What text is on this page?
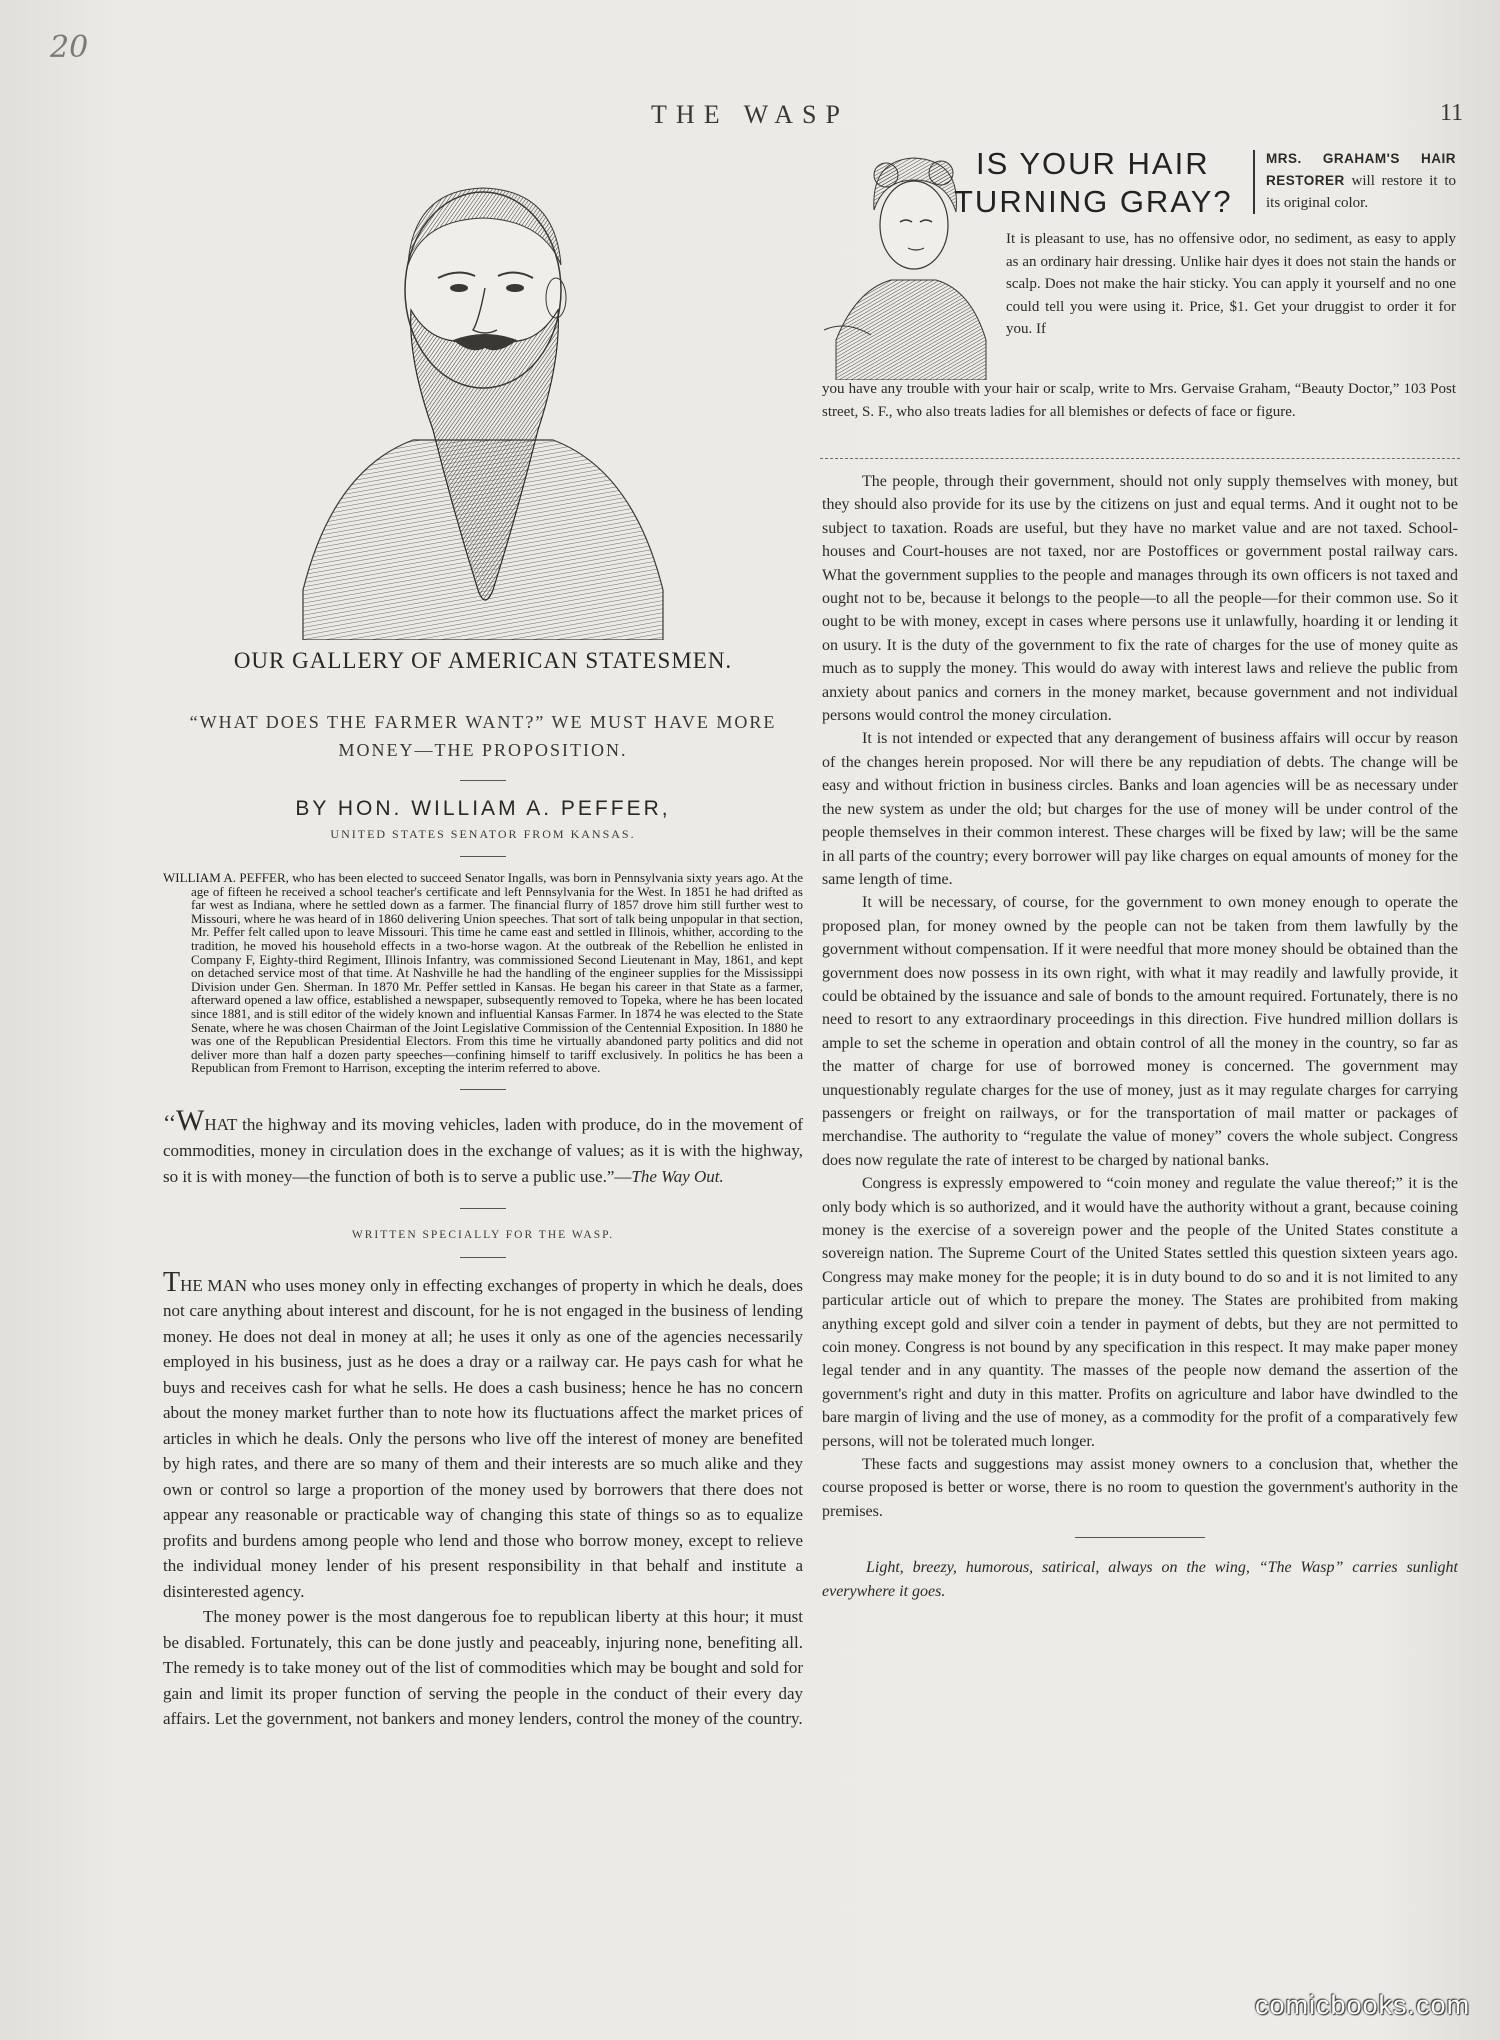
20
THE WASP	11
OUR GALLERY OF AMERICAN STATESMEN.
“WHAT DOES THE FARMER WANT?” WE MUST HAVE MORE MONEY—THE PROPOSITION.
BY HON. WILLIAM A. PEFFER,
UNITED STATES SENATOR FROM KANSAS.

WILLIAM A. PEFFER, who has been elected to succeed Senator Ingalls, was born in Pennsylvania sixty years ago. At the age of fifteen he received a school teacher's certificate and left Pennsylvania for the West. In 1851 he had drifted as far west as Indiana, where he settled down as a farmer. The financial flurry of 1857 drove him still further west to Missouri, where he was heard of in 1860 delivering Union speeches. That sort of talk being unpopular in that section, Mr. Peffer felt called upon to leave Missouri. This time he came east and settled in Illinois, whither, according to the tradition, he moved his household effects in a two-horse wagon. At the outbreak of the Rebellion he enlisted in Company F, Eighty-third Regiment, Illinois Infantry, was commissioned Second Lieutenant in May, 1861, and kept on detached service most of that time. At Nashville he had the handling of the engineer supplies for the Mississippi Division under Gen. Sherman. In 1870 Mr. Peffer settled in Kansas. He began his career in that State as a farmer, afterward opened a law office, established a newspaper, subsequently removed to Topeka, where he has been located since 1881, and is still editor of the widely known and influential Kansas Farmer. In 1874 he was elected to the State Senate, where he was chosen Chairman of the Joint Legislative Commission of the Centennial Exposition. In 1880 he was one of the Republican Presidential Electors. From this time he virtually abandoned party politics and did not deliver more than half a dozen party speeches—confining himself to tariff exclusively. In politics he has been a Republican from Fremont to Harrison, excepting the interim referred to above.

‘‘WHAT the highway and its moving vehicles, laden with produce, do in the movement of commodities, money in circulation does in the exchange of values; as it is with the highway, so it is with money—the function of both is to serve a public use.”—The Way Out.

WRITTEN SPECIALLY FOR THE WASP.

THE MAN who uses money only in effecting exchanges of property in which he deals, does not care anything about interest and discount, for he is not engaged in the business of lending money. He does not deal in money at all; he uses it only as one of the agencies necessarily employed in his business, just as he does a dray or a railway car. He pays cash for what he buys and receives cash for what he sells. He does a cash business; hence he has no concern about the money market further than to note how its fluctuations affect the market prices of articles in which he deals. Only the persons who live off the interest of money are benefited by high rates, and there are so many of them and their interests are so much alike and they own or control so large a proportion of the money used by borrowers that there does not appear any reasonable or practicable way of changing this state of things so as to equalize profits and burdens among people who lend and those who borrow money, except to relieve the individual money lender of his present responsibility in that behalf and institute a disinterested agency.

The money power is the most dangerous foe to republican liberty at this hour; it must be disabled. Fortunately, this can be done justly and peaceably, injuring none, benefiting all. The remedy is to take money out of the list of commodities which may be bought and sold for gain and limit its proper function of serving the people in the conduct of their every day affairs. Let the government, not bankers and money lenders, control the money of the country.

IS YOUR HAIR
TURNING GRAY?
MRS. GRAHAM'S HAIR RESTORER will restore it to its original color.
It is pleasant to use, has no offensive odor, no sediment, as easy to apply as an ordinary hair dressing. Unlike hair dyes it does not stain the hands or scalp. Does not make the hair sticky. You can apply it yourself and no one could tell you were using it. Price, $1. Get your druggist to order it for you. If
you have any trouble with your hair or scalp, write to Mrs. Gervaise Graham, “Beauty Doctor,” 103 Post street, S. F., who also treats ladies for all blemishes or defects of face or figure.

The people, through their government, should not only supply themselves with money, but they should also provide for its use by the citizens on just and equal terms. And it ought not to be subject to taxation. Roads are useful, but they have no market value and are not taxed. School-houses and Court-houses are not taxed, nor are Postoffices or government postal railway cars. What the government supplies to the people and manages through its own officers is not taxed and ought not to be, because it belongs to the people—to all the people—for their common use. So it ought to be with money, except in cases where persons use it unlawfully, hoarding it or lending it on usury. It is the duty of the government to fix the rate of charges for the use of money quite as much as to supply the money. This would do away with interest laws and relieve the public from anxiety about panics and corners in the money market, because government and not individual persons would control the money circulation.

It is not intended or expected that any derangement of business affairs will occur by reason of the changes herein proposed. Nor will there be any repudiation of debts. The change will be easy and without friction in business circles. Banks and loan agencies will be as necessary under the new system as under the old; but charges for the use of money will be under control of the people themselves in their common interest. These charges will be fixed by law; will be the same in all parts of the country; every borrower will pay like charges on equal amounts of money for the same length of time.

It will be necessary, of course, for the government to own money enough to operate the proposed plan, for money owned by the people can not be taken from them lawfully by the government without compensation. If it were needful that more money should be obtained than the government does now possess in its own right, with what it may readily and lawfully provide, it could be obtained by the issuance and sale of bonds to the amount required. Fortunately, there is no need to resort to any extraordinary proceedings in this direction. Five hundred million dollars is ample to set the scheme in operation and obtain control of all the money in the country, so far as the matter of charge for use of borrowed money is concerned. The government may unquestionably regulate charges for the use of money, just as it may regulate charges for carrying passengers or freight on railways, or for the transportation of mail matter or packages of merchandise. The authority to “regulate the value of money” covers the whole subject. Congress does now regulate the rate of interest to be charged by national banks.

Congress is expressly empowered to “coin money and regulate the value thereof;” it is the only body which is so authorized, and it would have the authority without a grant, because coining money is the exercise of a sovereign power and the people of the United States constitute a sovereign nation. The Supreme Court of the United States settled this question sixteen years ago. Congress may make money for the people; it is in duty bound to do so and it is not limited to any particular article out of which to prepare the money. The States are prohibited from making anything except gold and silver coin a tender in payment of debts, but they are not permitted to coin money. Congress is not bound by any specification in this respect. It may make paper money legal tender and in any quantity. The masses of the people now demand the assertion of the government's right and duty in this matter. Profits on agriculture and labor have dwindled to the bare margin of living and the use of money, as a commodity for the profit of a comparatively few persons, will not be tolerated much longer.

These facts and suggestions may assist money owners to a conclusion that, whether the course proposed is better or worse, there is no room to question the government's authority in the premises.

Light, breezy, humorous, satirical, always on the wing, “The Wasp” carries sunlight everywhere it goes.

comicbooks.com
